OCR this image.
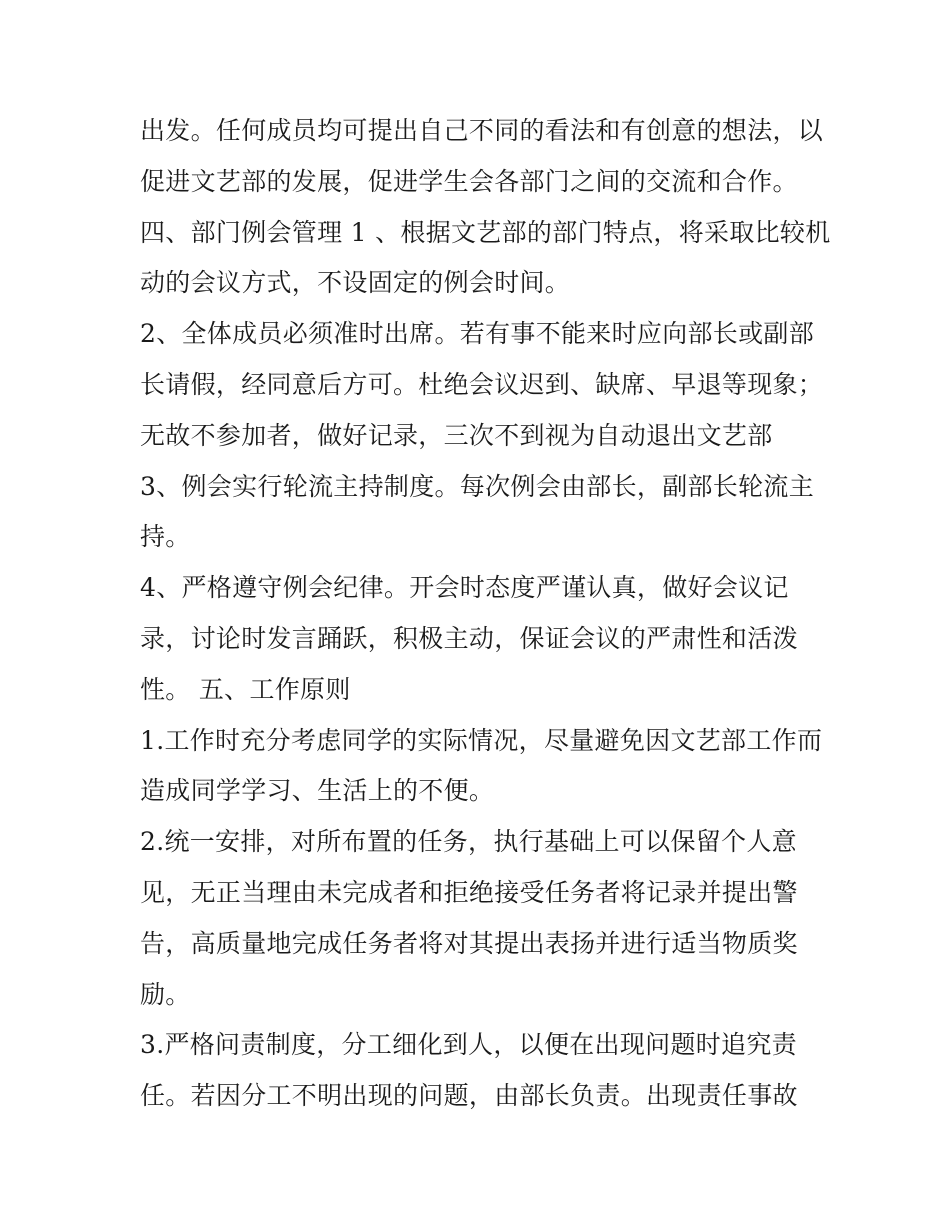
出发。任何成员均可提出自己不同的看法和有创意的想法，以
促进文艺部的发展，促进学生会各部门之间的交流和合作。
四、部门例会管理 1 、根据文艺部的部门特点，将采取比较机
动的会议方式，不设固定的例会时间。
2、全体成员必须准时出席。若有事不能来时应向部长或副部
长请假，经同意后方可。杜绝会议迟到、缺席、早退等现象；
无故不参加者，做好记录，三次不到视为自动退出文艺部
3、例会实行轮流主持制度。每次例会由部长，副部长轮流主
持。
4、严格遵守例会纪律。开会时态度严谨认真，做好会议记
录，讨论时发言踊跃，积极主动，保证会议的严肃性和活泼
性。 五、工作原则
1.工作时充分考虑同学的实际情况，尽量避免因文艺部工作而
造成同学学习、生活上的不便。
2.统一安排，对所布置的任务，执行基础上可以保留个人意
见，无正当理由未完成者和拒绝接受任务者将记录并提出警
告，高质量地完成任务者将对其提出表扬并进行适当物质奖
励。
3.严格问责制度，分工细化到人，以便在出现问题时追究责
任。若因分工不明出现的问题，由部长负责。出现责任事故
